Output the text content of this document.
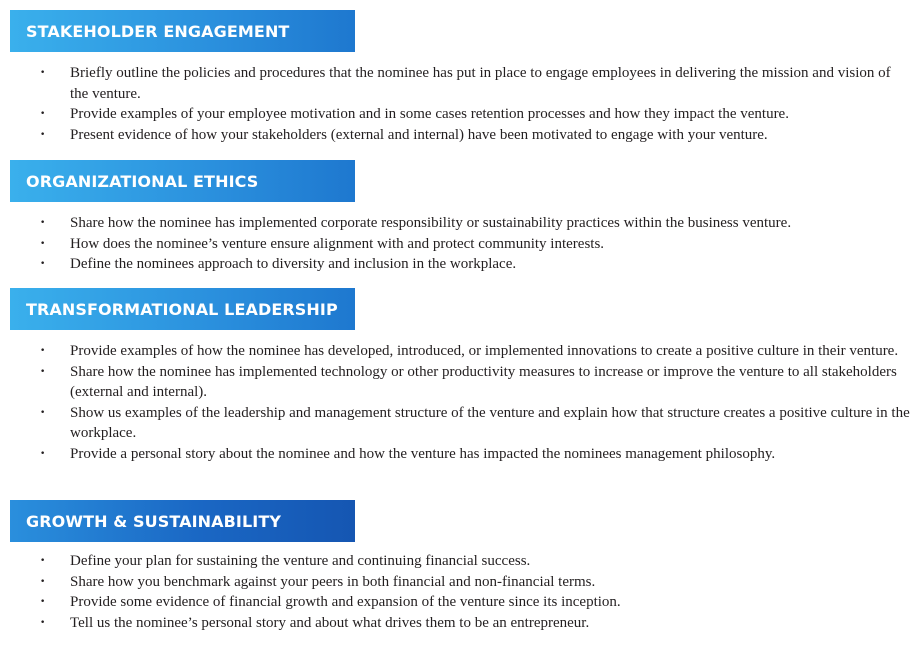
STAKEHOLDER ENGAGEMENT
• Briefly outline the policies and procedures that the nominee has put in place to engage employees in delivering the mission and vision of the venture.
• Provide examples of your employee motivation and in some cases retention processes and how they impact the venture.
• Present evidence of how your stakeholders (external and internal) have been motivated to engage with your venture.
ORGANIZATIONAL ETHICS
• Share how the nominee has implemented corporate responsibility or sustainability practices within the business venture.
• How does the nominee’s venture ensure alignment with and protect community interests.
• Define the nominees approach to diversity and inclusion in the workplace.
TRANSFORMATIONAL LEADERSHIP
• Provide examples of how the nominee has developed, introduced, or implemented innovations to create a positive culture in their venture.
• Share how the nominee has implemented technology or other productivity measures to increase or improve the venture to all stakeholders (external and internal).
• Show us examples of the leadership and management structure of the venture and explain how that structure creates a positive culture in the workplace.
• Provide a personal story about the nominee and how the venture has impacted the nominees management philosophy.
GROWTH & SUSTAINABILITY
• Define your plan for sustaining the venture and continuing financial success.
• Share how you benchmark against your peers in both financial and non-financial terms.
• Provide some evidence of financial growth and expansion of the venture since its inception.
• Tell us the nominee’s personal story and about what drives them to be an entrepreneur.
